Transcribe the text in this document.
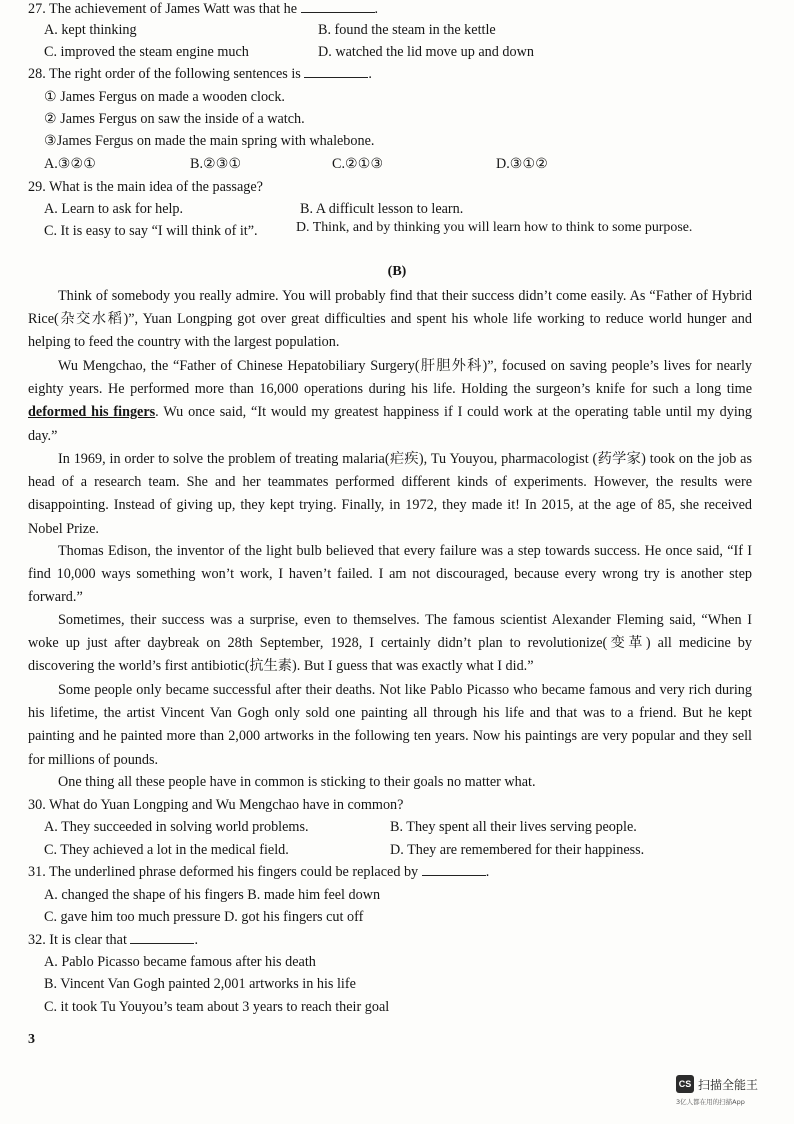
27. The achievement of James Watt was that he	.
A. kept thinking	B. found the steam in the kettle
C. improved the steam engine much	D. watched the lid move up and down
28. The right order of the following sentences is	.
① James Fergus on made a wooden clock.
② James Fergus on saw the inside of a watch.
③James Fergus on made the main spring with whalebone.
A.③②①	B.②③①	C.②①③	D.③①②
29. What is the main idea of the passage?
A. Learn to ask for help.	B. A difficult lesson to learn.
C. It is easy to say “I will think of it”.	D. Think, and by thinking you will learn how to think to some purpose.
(B)
Think of somebody you really admire. You will probably find that their success didn’t come easily. As “Father of Hybrid Rice(杂交水稻)”, Yuan Longping got over great difficulties and spent his whole life working to reduce world hunger and helping to feed the country with the largest population.
Wu Mengchao, the “Father of Chinese Hepatobiliary Surgery(肝胆外科)”, focused on saving people’s lives for nearly eighty years. He performed more than 16,000 operations during his life. Holding the surgeon’s knife for such a long time deformed his fingers. Wu once said, “It would my greatest happiness if I could work at the operating table until my dying day.”
In 1969, in order to solve the problem of treating malaria(疟疾), Tu Youyou, pharmacologist (药学家) took on the job as head of a research team. She and her teammates performed different kinds of experiments. However, the results were disappointing. Instead of giving up, they kept trying. Finally, in 1972, they made it! In 2015, at the age of 85, she received Nobel Prize.
Thomas Edison, the inventor of the light bulb believed that every failure was a step towards success. He once said, “If I find 10,000 ways something won’t work, I haven’t failed. I am not discouraged, because every wrong try is another step forward.”
Sometimes, their success was a surprise, even to themselves. The famous scientist Alexander Fleming said, “When I woke up just after daybreak on 28th September, 1928, I certainly didn’t plan to revolutionize(变革) all medicine by discovering the world’s first antibiotic(抗生素). But I guess that was exactly what I did.”
Some people only became successful after their deaths. Not like Pablo Picasso who became famous and very rich during his lifetime, the artist Vincent Van Gogh only sold one painting all through his life and that was to a friend. But he kept painting and he painted more than 2,000 artworks in the following ten years. Now his paintings are very popular and they sell for millions of pounds.
One thing all these people have in common is sticking to their goals no matter what.
30. What do Yuan Longping and Wu Mengchao have in common?
A. They succeeded in solving world problems.	B. They spent all their lives serving people.
C. They achieved a lot in the medical field.	D. They are remembered for their happiness.
31. The underlined phrase deformed his fingers could be replaced by	.
A. changed the shape of his fingers B. made him feel down
C. gave him too much pressure D. got his fingers cut off
32. It is clear that	.
A. Pablo Picasso became famous after his death
B. Vincent Van Gogh painted 2,001 artworks in his life
C. it took Tu Youyou’s team about 3 years to reach their goal
3
CS 扫描全能王
3亿人都在用的扫描App
